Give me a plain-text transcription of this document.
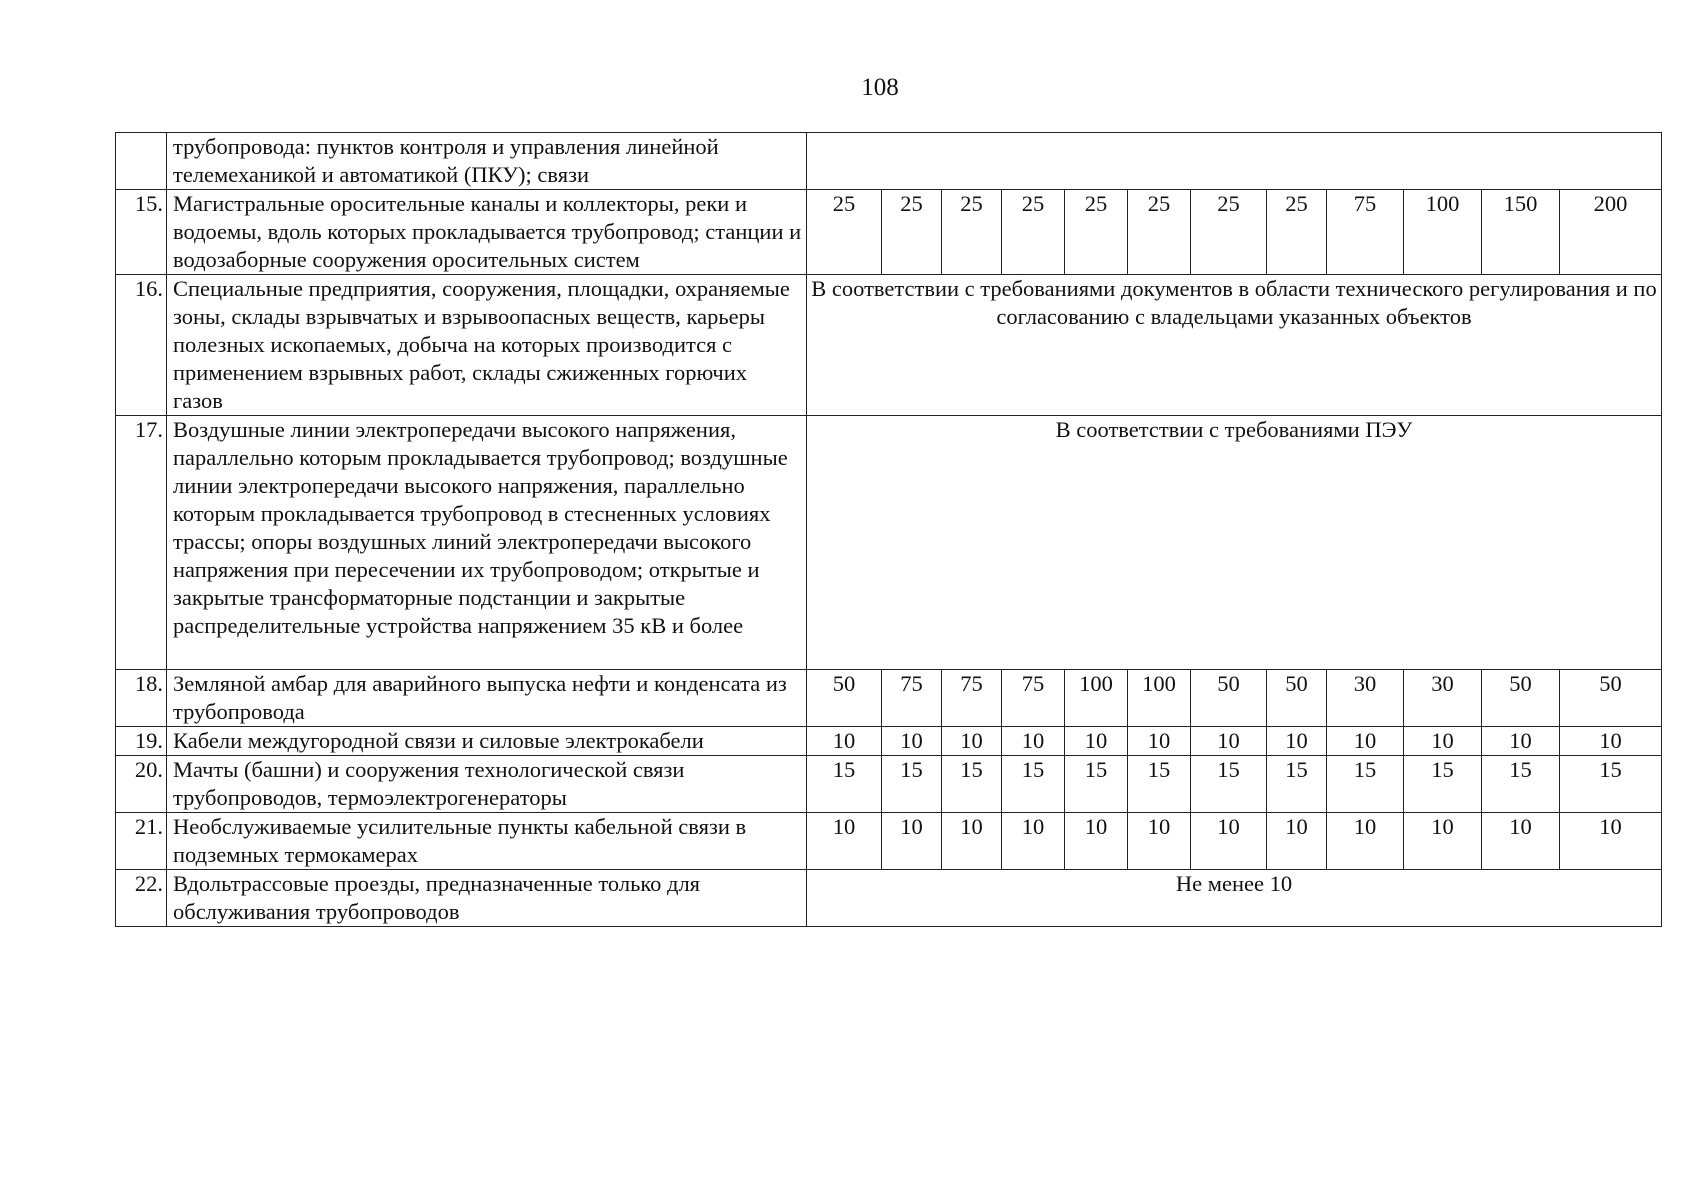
108
	трубопровода: пунктов контроля и управления линейной телемеханикой и автоматикой (ПКУ); связи												
15.	Магистральные оросительные каналы и коллекторы, реки и водоемы, вдоль которых прокладывается трубопровод; станции и водозаборные сооружения оросительных систем	25	25	25	25	25	25	25	25	75	100	150	200
16.	Специальные предприятия, сооружения, площадки, охраняемые зоны, склады взрывчатых и взрывоопасных веществ, карьеры полезных ископаемых, добыча на которых производится с применением взрывных работ, склады сжиженных горючих газов	В соответствии с требованиями документов в области технического регулирования и по согласованию с владельцами указанных объектов											
17.	Воздушные линии электропередачи высокого напряжения, параллельно которым прокладывается трубопровод; воздушные линии электропередачи высокого напряжения, параллельно которым прокладывается трубопровод в стесненных условиях трассы; опоры воздушных линий электропередачи высокого напряжения при пересечении их трубопроводом; открытые и закрытые трансформаторные подстанции и закрытые распределительные устройства напряжением 35 кВ и более	В соответствии с требованиями ПЭУ											
18.	Земляной амбар для аварийного выпуска нефти и конденсата из трубопровода	50	75	75	75	100	100	50	50	30	30	50	50
19.	Кабели междугородной связи и силовые электрокабели	10	10	10	10	10	10	10	10	10	10	10	10
20.	Мачты (башни) и сооружения технологической связи трубопроводов, термоэлектрогенераторы	15	15	15	15	15	15	15	15	15	15	15	15
21.	Необслуживаемые усилительные пункты кабельной связи в подземных термокамерах	10	10	10	10	10	10	10	10	10	10	10	10
22.	Вдольтрассовые проезды, предназначенные только для обслуживания трубопроводов	Не менее 10											
